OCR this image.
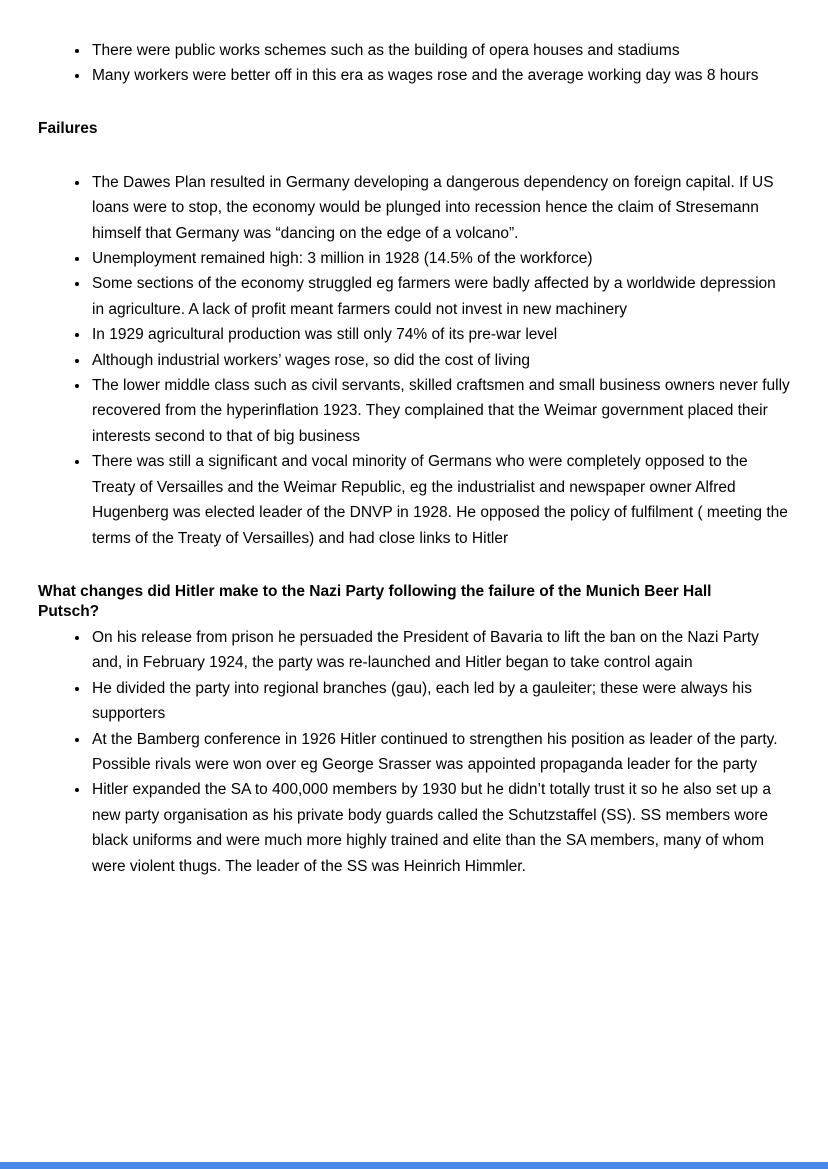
• There were public works schemes such as the building of opera houses and stadiums
• Many workers were better off in this era as wages rose and the average working day was 8 hours
Failures
• The Dawes Plan resulted in Germany developing a dangerous dependency on foreign capital. If US loans were to stop, the economy would be plunged into recession hence the claim of Stresemann himself that Germany was “dancing on the edge of a volcano”.
• Unemployment remained high: 3 million in 1928 (14.5% of the workforce)
• Some sections of the economy struggled eg farmers were badly affected by a worldwide depression in agriculture. A lack of profit meant farmers could not invest in new machinery
• In 1929 agricultural production was still only 74% of its pre-war level
• Although industrial workers’ wages rose, so did the cost of living
• The lower middle class such as civil servants, skilled craftsmen and small business owners never fully recovered from the hyperinflation 1923. They complained that the Weimar government placed their interests second to that of big business
• There was still a significant and vocal minority of Germans who were completely opposed to the Treaty of Versailles and the Weimar Republic, eg the industrialist and newspaper owner Alfred Hugenberg was elected leader of the DNVP in 1928. He opposed the policy of fulfilment ( meeting the terms of the Treaty of Versailles) and had close links to Hitler
What changes did Hitler make to the Nazi Party following the failure of the Munich Beer Hall Putsch?
• On his release from prison he persuaded the President of Bavaria to lift the ban on the Nazi Party and, in February 1924, the party was re-launched and Hitler began to take control again
• He divided the party into regional branches (gau), each led by a gauleiter; these were always his supporters
• At the Bamberg conference in 1926 Hitler continued to strengthen his position as leader of the party. Possible rivals were won over eg George Srasser was appointed propaganda leader for the party
• Hitler expanded the SA to 400,000 members by 1930 but he didn’t totally trust it so he also set up a new party organisation as his private body guards called the Schutzstaffel (SS). SS members wore black uniforms and were much more highly trained and elite than the SA members, many of whom were violent thugs. The leader of the SS was Heinrich Himmler.
